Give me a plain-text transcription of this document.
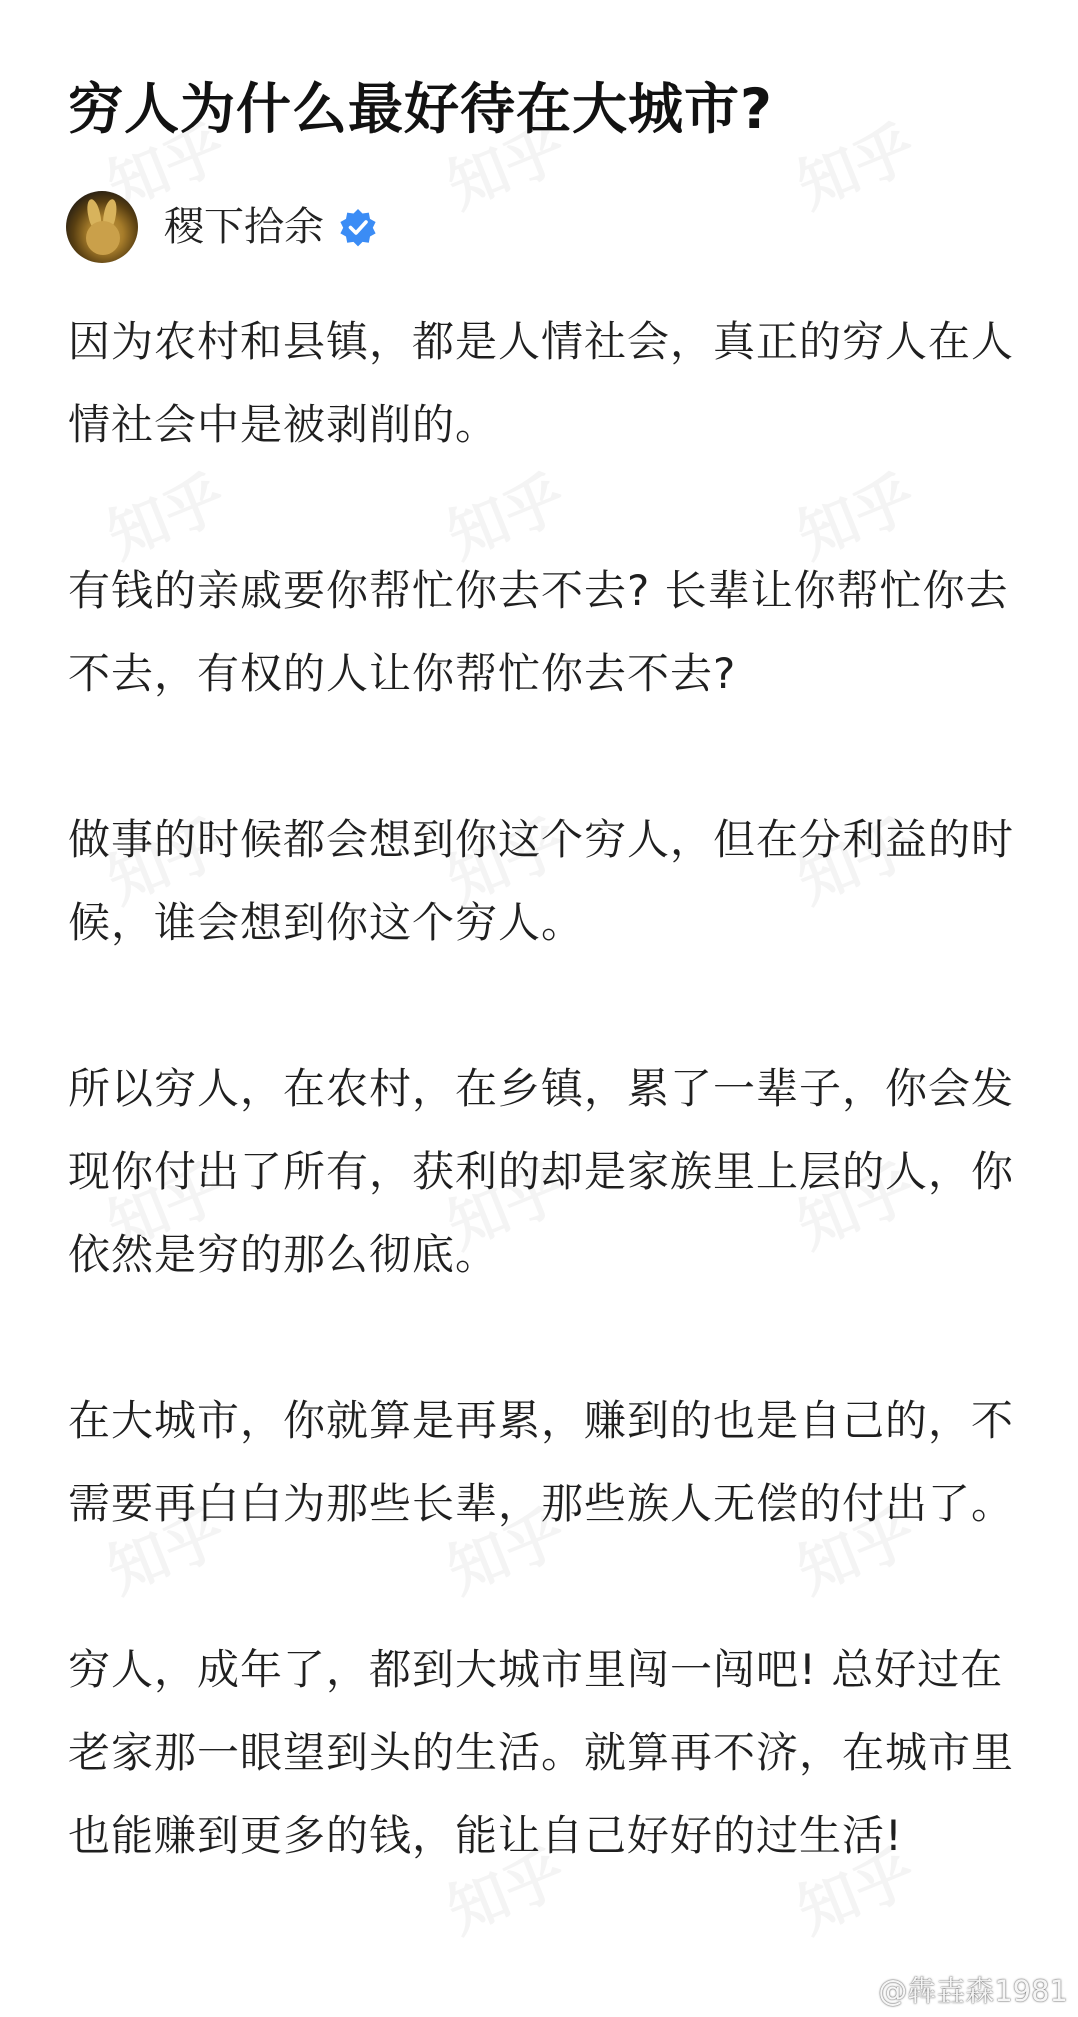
穷人为什么最好待在大城市?
稷下拾余

因为农村和县镇，都是人情社会，真正的穷人在人情社会中是被剥削的。

有钱的亲戚要你帮忙你去不去? 长辈让你帮忙你去不去，有权的人让你帮忙你去不去?

做事的时候都会想到你这个穷人，但在分利益的时候，谁会想到你这个穷人。

所以穷人，在农村，在乡镇，累了一辈子，你会发现你付出了所有，获利的却是家族里上层的人，你依然是穷的那么彻底。

在大城市，你就算是再累，赚到的也是自己的，不需要再白白为那些长辈，那些族人无偿的付出了。

穷人，成年了，都到大城市里闯一闯吧! 总好过在老家那一眼望到头的生活。就算再不济，在城市里也能赚到更多的钱，能让自己好好的过生活!

@犇壵森1981
